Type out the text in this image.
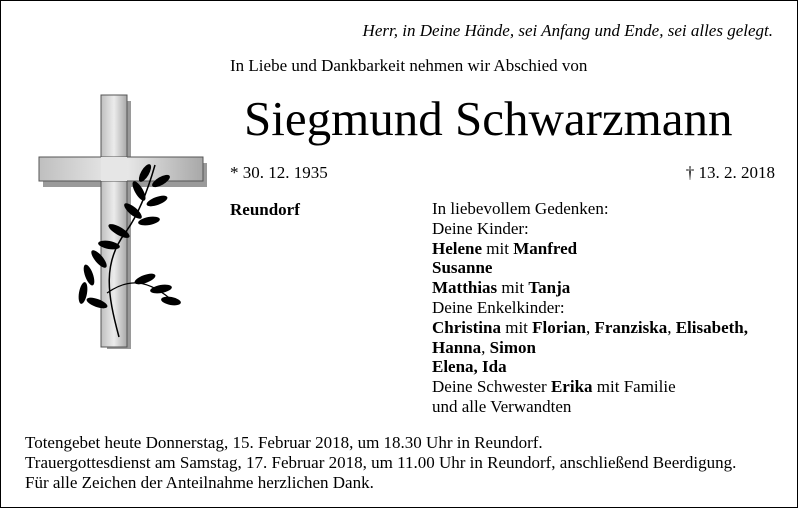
Herr, in Deine Hände, sei Anfang und Ende, sei alles gelegt.
In Liebe und Dankbarkeit nehmen wir Abschied von
Siegmund Schwarzmann
* 30. 12. 1935	† 13. 2. 2018
Reundorf	In liebevollem Gedenken:
Deine Kinder:
Helene mit Manfred
Susanne
Matthias mit Tanja
Deine Enkelkinder:
Christina mit Florian, Franziska, Elisabeth,
Hanna, Simon
Elena, Ida
Deine Schwester Erika mit Familie
und alle Verwandten
Totengebet heute Donnerstag, 15. Februar 2018, um 18.30 Uhr in Reundorf.
Trauergottesdienst am Samstag, 17. Februar 2018, um 11.00 Uhr in Reundorf, anschließend Beerdigung.
Für alle Zeichen der Anteilnahme herzlichen Dank.
